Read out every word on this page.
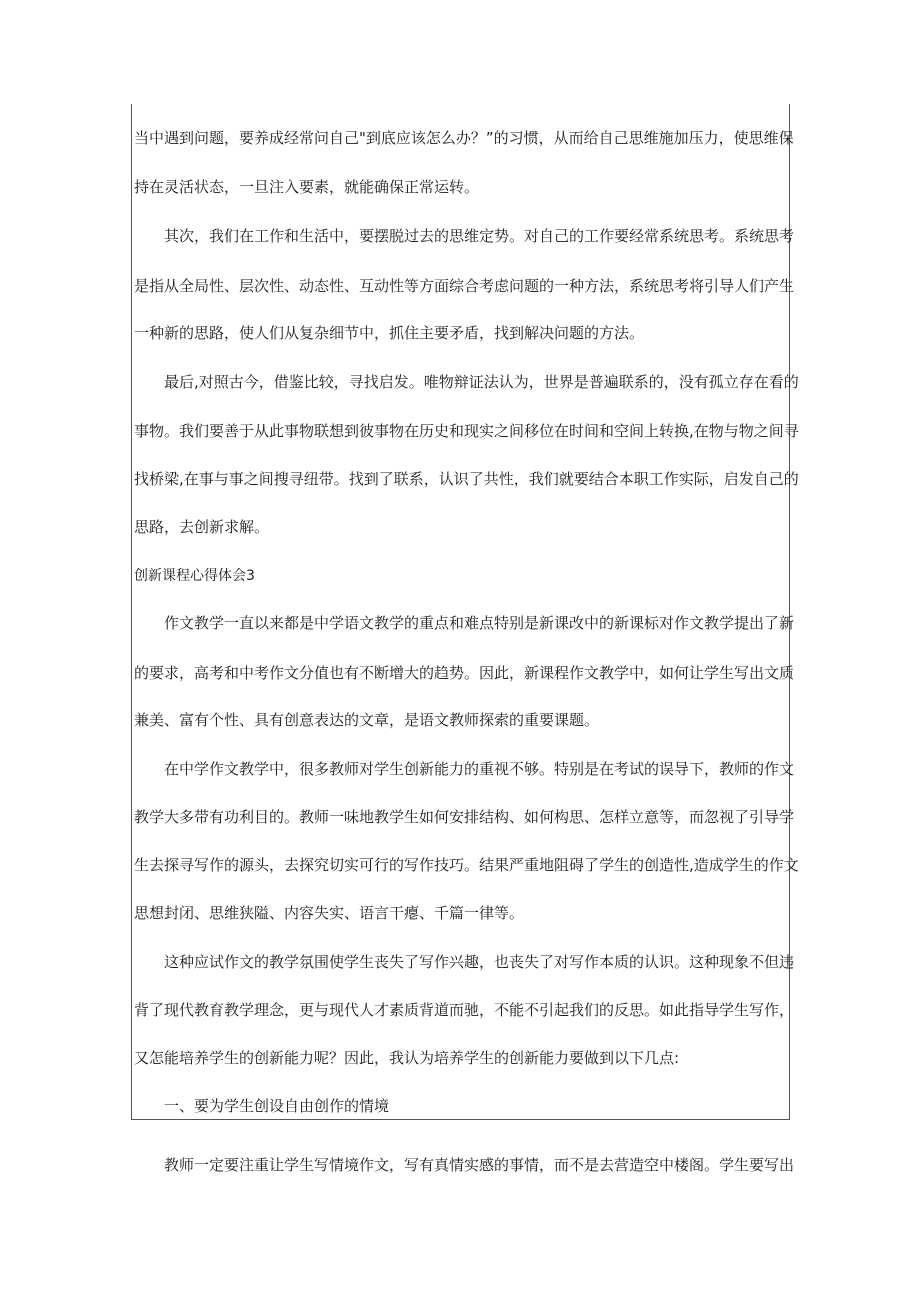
当中遇到问题，要养成经常问自己"到底应该怎么办？”的习惯，从而给自己思维施加压力，使思维保
持在灵活状态，一旦注入要素，就能确保正常运转。
其次，我们在工作和生活中，要摆脱过去的思维定势。对自己的工作要经常系统思考。系统思考
是指从全局性、层次性、动态性、互动性等方面综合考虑问题的一种方法，系统思考将引导人们产生
一种新的思路，使人们从复杂细节中，抓住主要矛盾，找到解决问题的方法。
最后,对照古今，借鉴比较，寻找启发。唯物辩证法认为，世界是普遍联系的，没有孤立存在看的
事物。我们要善于从此事物联想到彼事物在历史和现实之间移位在时间和空间上转换,在物与物之间寻
找桥梁,在事与事之间搜寻纽带。找到了联系，认识了共性，我们就要结合本职工作实际，启发自己的
思路，去创新求解。
创新课程心得体会3
作文教学一直以来都是中学语文教学的重点和难点特别是新课改中的新课标对作文教学提出了新
的要求，高考和中考作文分值也有不断增大的趋势。因此，新课程作文教学中，如何让学生写出文质
兼美、富有个性、具有创意表达的文章，是语文教师探索的重要课题。
在中学作文教学中，很多教师对学生创新能力的重视不够。特别是在考试的误导下，教师的作文
教学大多带有功利目的。教师一味地教学生如何安排结构、如何构思、怎样立意等，而忽视了引导学
生去探寻写作的源头，去探究切实可行的写作技巧。结果严重地阻碍了学生的创造性,造成学生的作文
思想封闭、思维狭隘、内容失实、语言干瘪、千篇一律等。
这种应试作文的教学氛围使学生丧失了写作兴趣，也丧失了对写作本质的认识。这种现象不但违
背了现代教育教学理念，更与现代人才素质背道而驰，不能不引起我们的反思。如此指导学生写作，
又怎能培养学生的创新能力呢？因此，我认为培养学生的创新能力要做到以下几点:
一、要为学生创设自由创作的情境
教师一定要注重让学生写情境作文，写有真情实感的事情，而不是去营造空中楼阁。学生要写出
